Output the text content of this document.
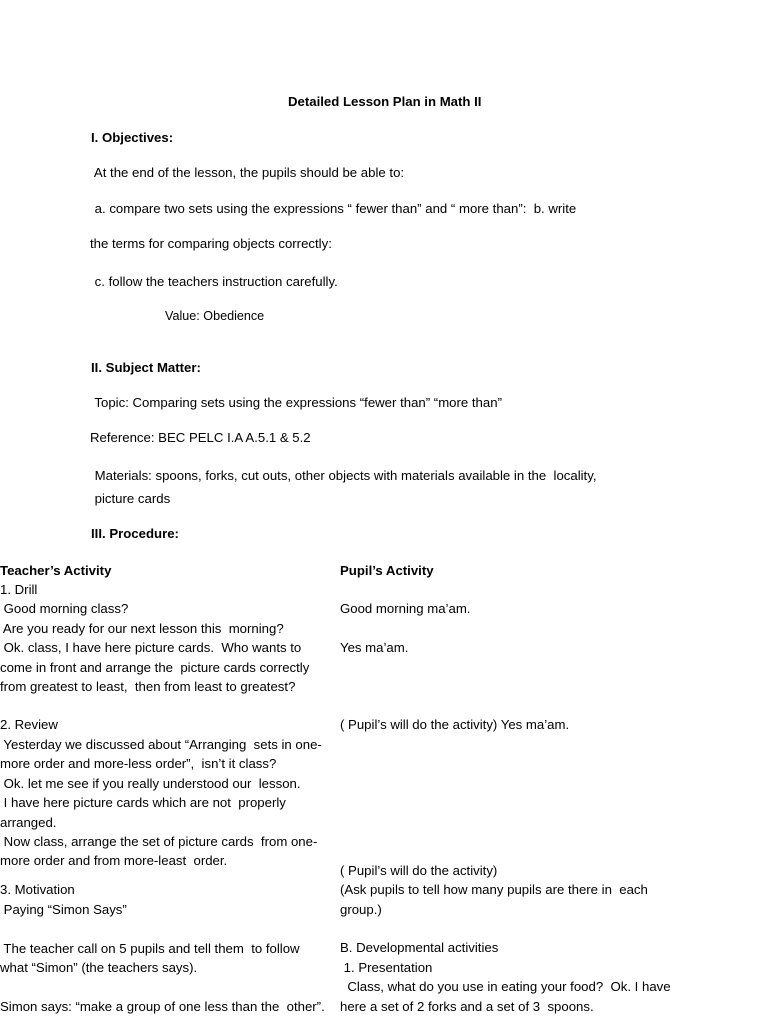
Detailed Lesson Plan in Math II
I. Objectives:
At the end of the lesson, the pupils should be able to:
a. compare two sets using the expressions “ fewer than” and “ more than”:  b. write
the terms for comparing objects correctly:
c. follow the teachers instruction carefully.
Value: Obedience
II. Subject Matter:
Topic: Comparing sets using the expressions “fewer than” “more than”
Reference: BEC PELC I.A A.5.1 & 5.2
Materials: spoons, forks, cut outs, other objects with materials available in the  locality,
picture cards
III. Procedure:
Teacher’s Activity	Pupil’s Activity
1. Drill
Good morning class?
Are you ready for our next lesson this  morning?
Ok. class, I have here picture cards.  Who wants to
come in front and arrange the  picture cards correctly
from greatest to least,  then from least to greatest?
2. Review
Yesterday we discussed about “Arranging  sets in one-
more order and more-less order”,  isn’t it class?
Ok. let me see if you really understood our  lesson.
I have here picture cards which are not  properly
arranged.
Now class, arrange the set of picture cards  from one-
more order and from more-least  order.
3. Motivation
Paying “Simon Says”
The teacher call on 5 pupils and tell them  to follow
what “Simon” (the teachers says).
Simon says: “make a group of one less than the  other”.
Good morning ma’am.
Yes ma’am.
( Pupil’s will do the activity) Yes ma’am.
( Pupil’s will do the activity)
(Ask pupils to tell how many pupils are there in  each
group.)
B. Developmental activities
1. Presentation
Class, what do you use in eating your food?  Ok. I have
here a set of 2 forks and a set of 3  spoons.
